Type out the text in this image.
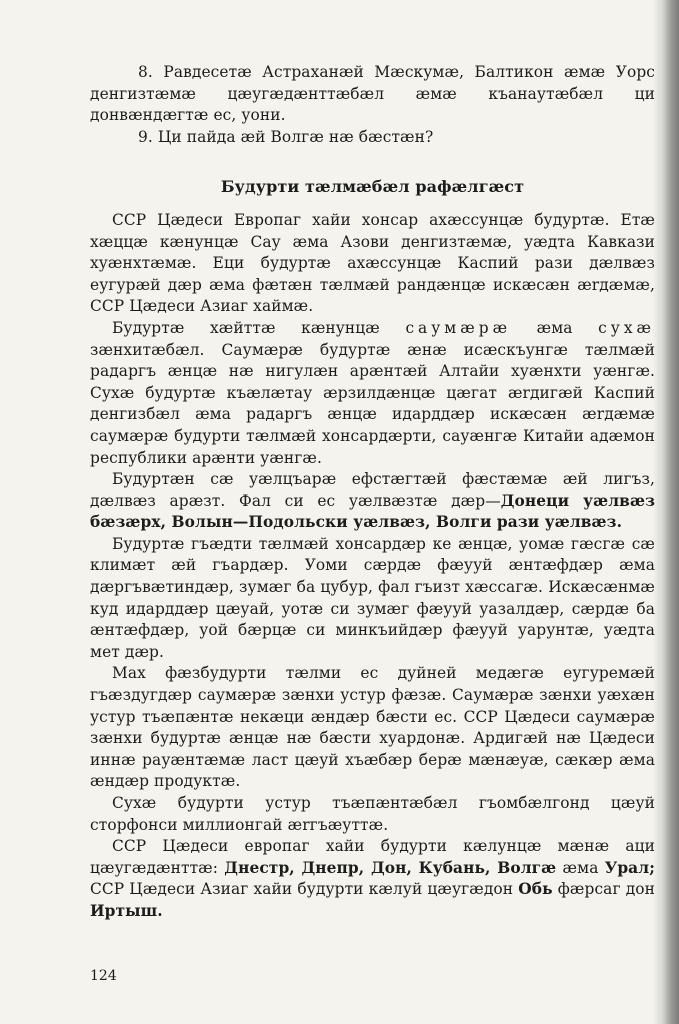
8. Равдесетæ Астраханæй Мæскумæ, Балтикон æмæ Уорс денгизтæмæ цæугæдæнттæбæл æмæ къанаутæбæл ци донвæндæгтæ ес, уони.

9. Ци пайда æй Волгæ нæ бæстæн?

Будурти тæлмæбæл рафæлгæст

ССР Цæдеси Европаг хайи хонсар ахæссунцæ будуртæ. Етæ хæццæ кæнунцæ Сау æма Азови денгизтæмæ, уæдта Кавкази хуæнхтæмæ. Еци будуртæ ахæссунцæ Каспий рази дæлвæз еугурæй дæр æма фæтæн тæлмæй рандæнцæ искæсæн ærдæмæ, ССР Цæдеси Азиаг хаймæ.

Будуртæ хæйттæ кæнунцæ саумæрæ æма сухæ зæнхитæбæл. Саумæрæ будуртæ æнæ исæскъунгæ тæлмæй радаргъ æнцæ нæ нигулæн арæнтæй Алтайи хуæнхти уæнгæ. Сухæ будуртæ къæлæтау æрзилдæнцæ цæгат ærдигæй Каспий денгизбæл æма радаргъ æнцæ идарддæр искæсæн ærдæмæ саумæрæ будурти тæлмæй хонсардæрти, сауæнгæ Китайи адæмон республики арæнти уæнгæ.

Будуртæн сæ уæлцъарæ ефстæгтæй фæстæмæ æй лигъз, дæлвæз арæзт. Фал си ес уæлвæзтæ дæр—Донеци уæлвæз бæзæрх, Волын—Подольски уæлвæз, Волги рази уæлвæз.

Будуртæ гъæдти тæлмæй хонсардæр ке æнцæ, уомæ гæсгæ сæ климæт æй гъардæр. Уоми сæрдæ фæууй æнтæфдæр æма дæргъвæтиндæр, зумæг ба цубур, фал гъизт хæссагæ. Искæсæнмæ куд идарддæр цæуай, уотæ си зумæг фæууй уазалдæр, сæрдæ ба æнтæфдæр, уой бæрцæ си минкъийдæр фæууй уарунтæ, уæдта мет дæр.

Мах фæзбудурти тæлми ес дуйней медæгæ еугуремæй гъæздугдæр саумæрæ зæнхи устур фæзæ. Саумæрæ зæнхи уæхæн устур тъæпæнтæ некæци æндæр бæсти ес. ССР Цæдеси саумæрæ зæнхи будуртæ æнцæ нæ бæсти хуардонæ. Ардигæй нæ Цæдеси иннæ рауæнтæмæ ласт цæуй хъæбæр берæ мæнæуæ, сæкæр æма æндæр продуктæ.

Сухæ будурти устур тъæпæнтæбæл гъомбæлгонд цæуй сторфонси миллионгай ærгъæуттæ.

ССР Цæдеси европаг хайи будурти кæлунцæ мæнæ аци цæугæдæнттæ: Днестр, Днепр, Дон, Кубань, Волгæ æма Урал; ССР Цæдеси Азиаг хайи будурти кæлуй цæугæдон Обь фæрсаг дон Иртыш.

124
